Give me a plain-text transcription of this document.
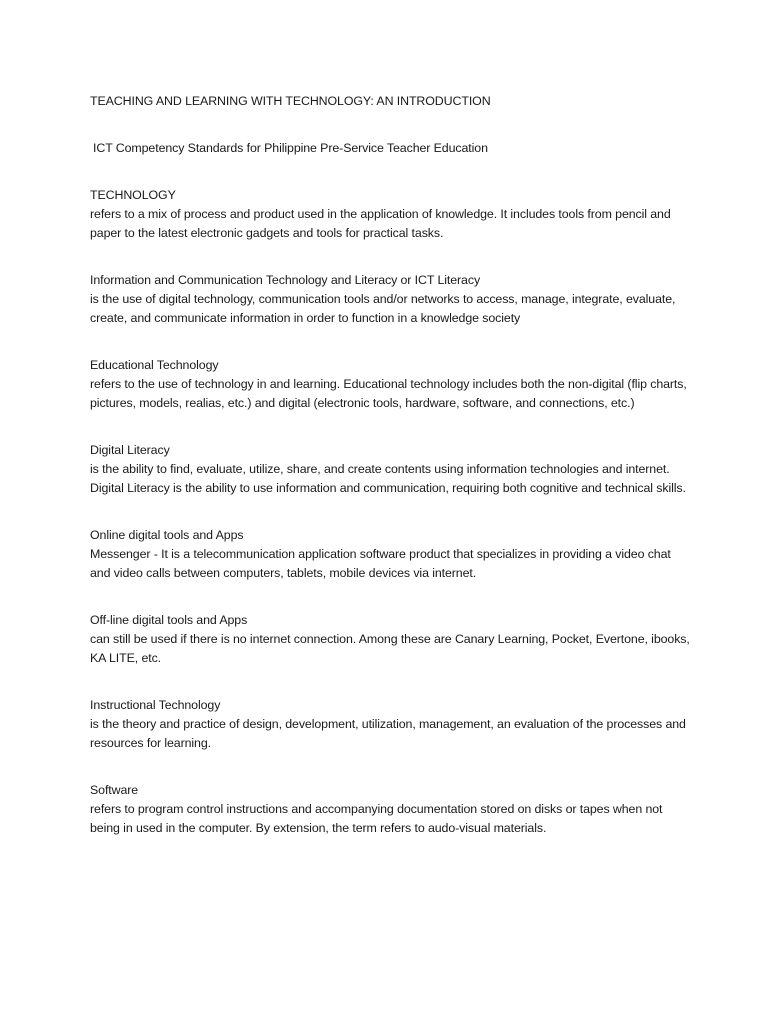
TEACHING AND LEARNING WITH TECHNOLOGY: AN INTRODUCTION
ICT Competency Standards for Philippine Pre-Service Teacher Education
TECHNOLOGY
refers to a mix of process and product used in the application of knowledge. It includes tools from pencil and paper to the latest electronic gadgets and tools for practical tasks.
Information and Communication Technology and Literacy or ICT Literacy
is the use of digital technology, communication tools and/or networks to access, manage, integrate, evaluate, create, and communicate information in order to function in a knowledge society
Educational Technology
refers to the use of technology in and learning. Educational technology includes both the non-digital (flip charts, pictures, models, realias, etc.) and digital (electronic tools, hardware, software, and connections, etc.)
Digital Literacy
is the ability to find, evaluate, utilize, share, and create contents using information technologies and internet. Digital Literacy is the ability to use information and communication, requiring both cognitive and technical skills.
Online digital tools and Apps
Messenger - It is a telecommunication application software product that specializes in providing a video chat and video calls between computers, tablets, mobile devices via internet.
Off-line digital tools and Apps
can still be used if there is no internet connection. Among these are Canary Learning, Pocket, Evertone, ibooks, KA LITE, etc.
Instructional Technology
is the theory and practice of design, development, utilization, management, an evaluation of the processes and resources for learning.
Software
refers to program control instructions and accompanying documentation stored on disks or tapes when not being in used in the computer. By extension, the term refers to audo-visual materials.
